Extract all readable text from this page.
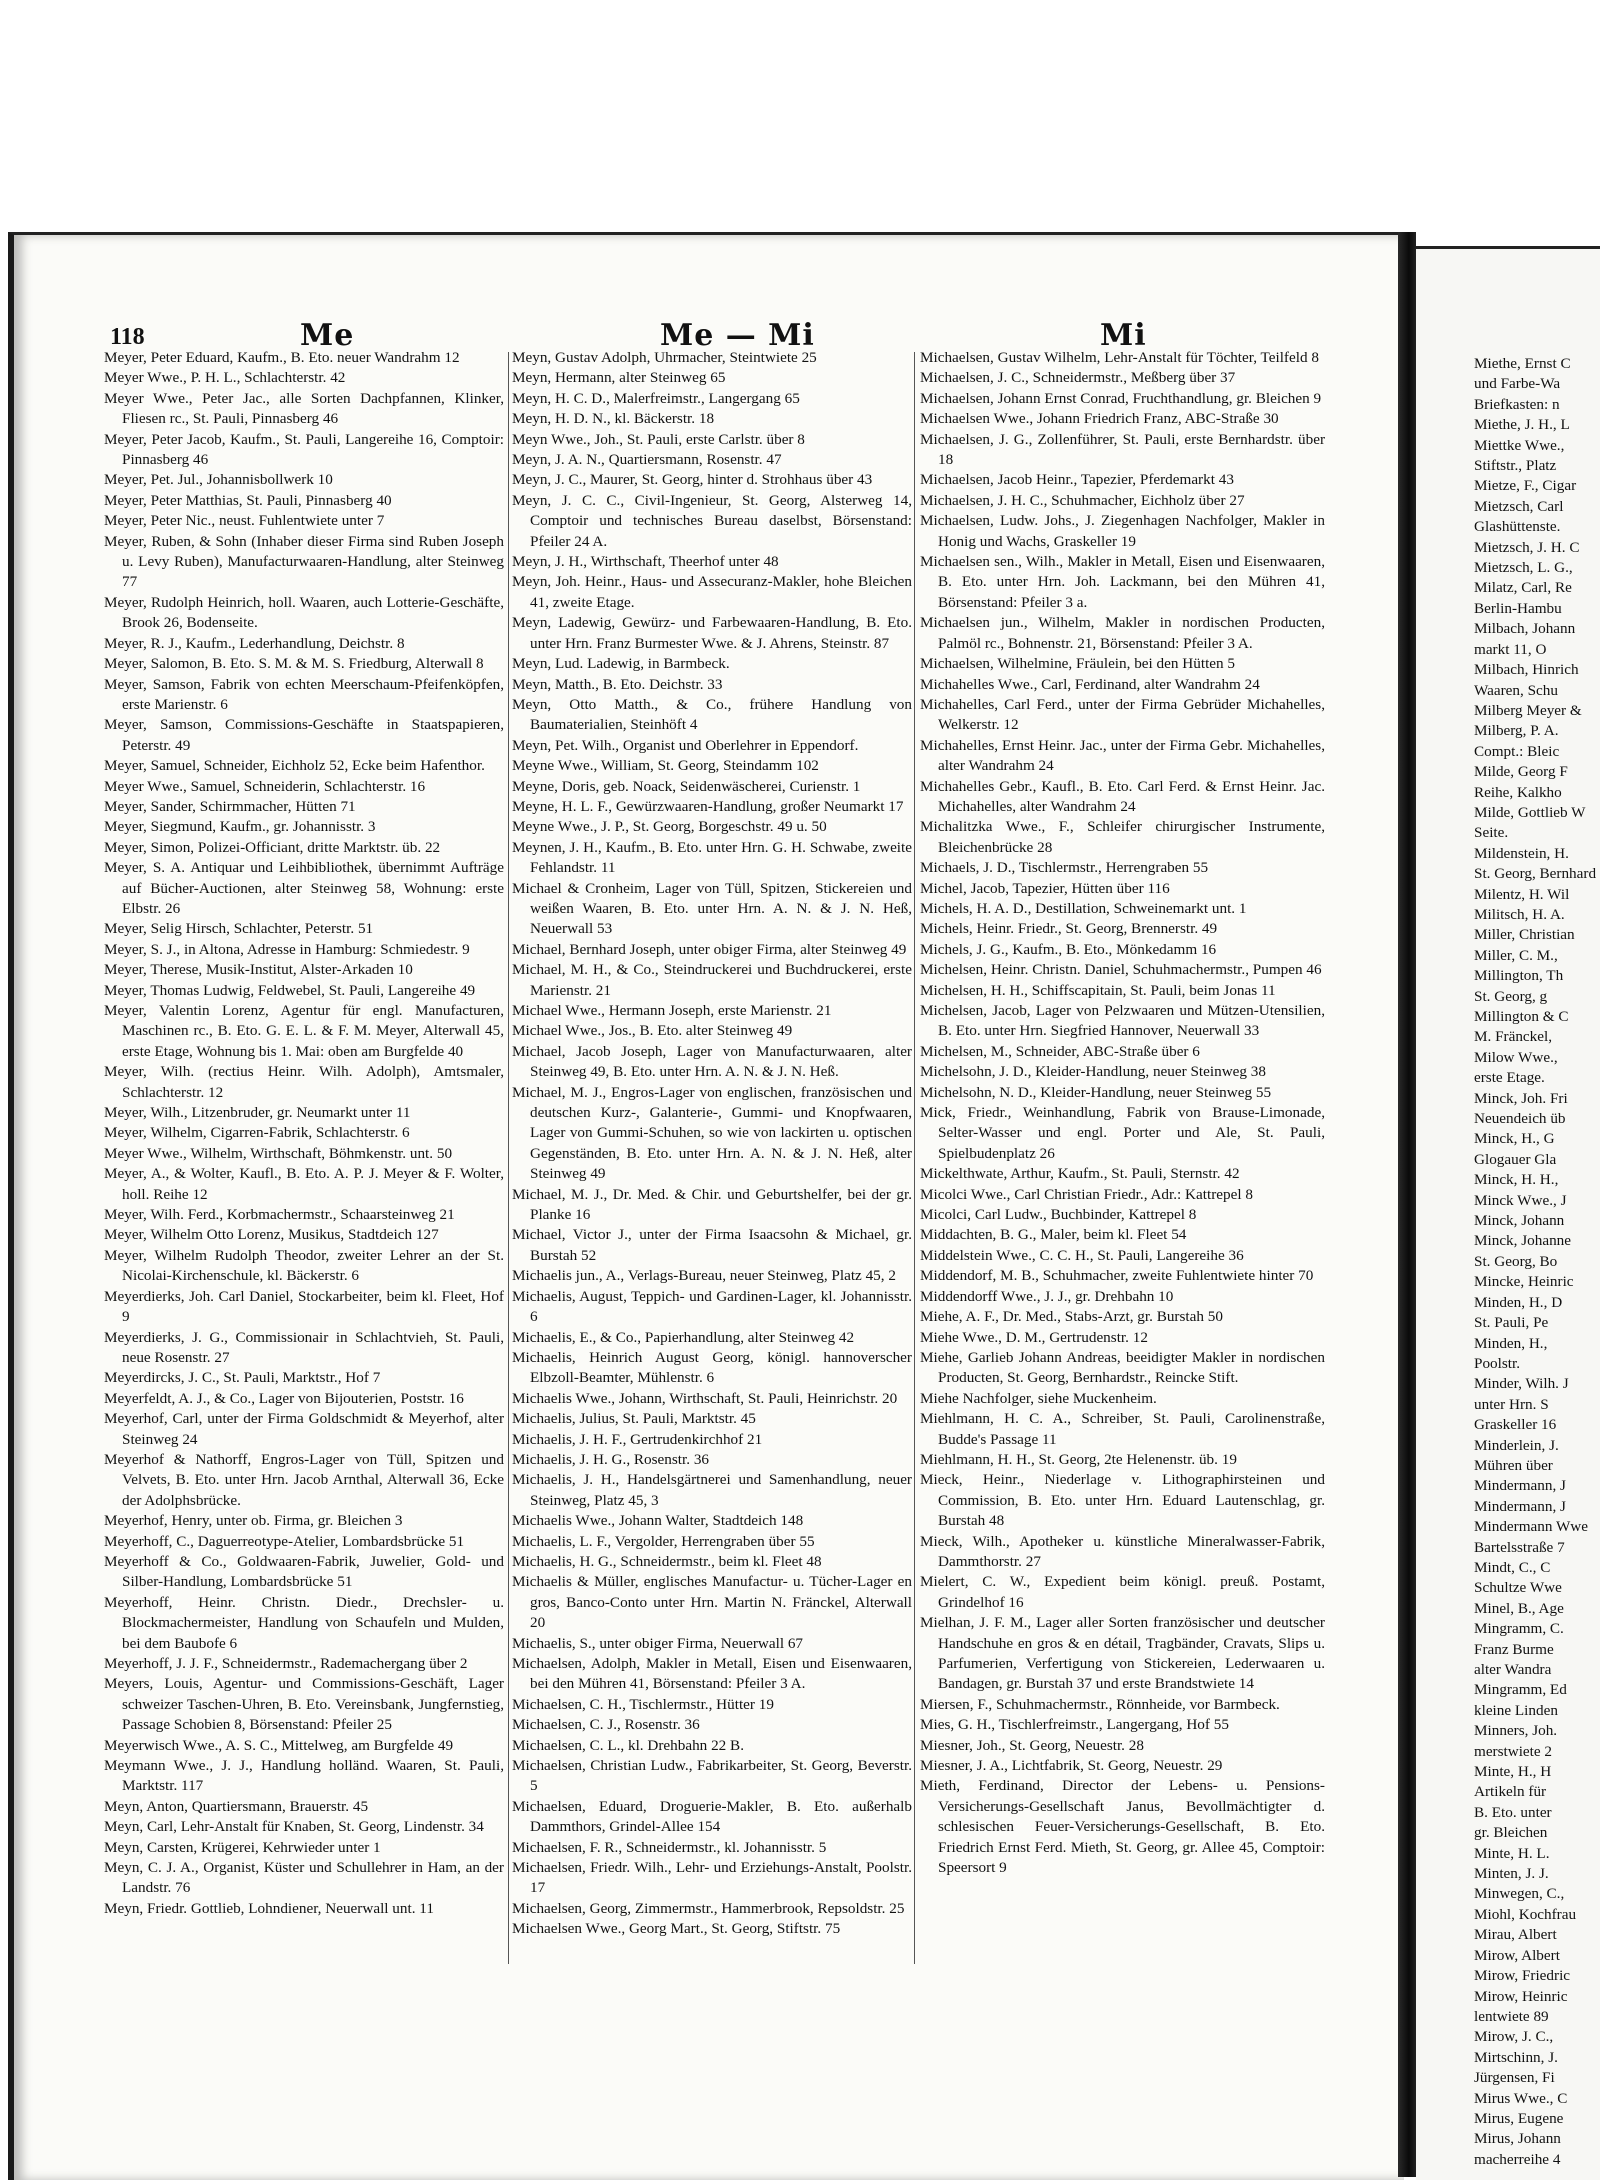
Miethe, Ernst C

und Farbe-Wa

Briefkasten: n

Miethe, J. H., L

Miettke Wwe.,

Stiftstr., Platz

Mietze, F., Cigar

Mietzsch, Carl

Glashüttenste.

Mietzsch, J. H. C

Mietzsch, L. G.,

Milatz, Carl, Re

Berlin-Hambu

Milbach, Johann

markt 11, O

Milbach, Hinrich

Waaren, Schu

Milberg Meyer &

Milberg, P. A.

Compt.: Bleic

Milde, Georg F

Reihe, Kalkho

Milde, Gottlieb W

Seite.

Mildenstein, H.

St. Georg, Bernhard

Milentz, H. Wil

Militsch, H. A.

Miller, Christian

Miller, C. M.,

Millington, Th

St. Georg, g

Millington & C

M. Fränckel,

Milow Wwe.,

erste Etage.

Minck, Joh. Fri

Neuendeich üb

Minck, H., G

Glogauer Gla

Minck, H. H.,

Minck Wwe., J

Minck, Johann

Minck, Johanne

St. Georg, Bo

Mincke, Heinric

Minden, H., D

St. Pauli, Pe

Minden, H.,

Poolstr.

Minder, Wilh. J

unter Hrn. S

Graskeller 16

Minderlein, J.

Mühren über

Mindermann, J

Mindermann, J

Mindermann Wwe

Bartelsstraße 7

Mindt, C., C

Schultze Wwe

Minel, B., Age

Mingramm, C.

Franz Burme

alter Wandra

Mingramm, Ed

kleine Linden

Minners, Joh.

merstwiete 2

Minte, H., H

Artikeln für

B. Eto. unter

gr. Bleichen

Minte, H. L.

Minten, J. J.

Minwegen, C.,

Miohl, Kochfrau

Mirau, Albert

Mirow, Albert

Mirow, Friedric

Mirow, Heinric

lentwiete 89

Mirow, J. C.,

Mirtschinn, J.

Jürgensen, Fi

Mirus Wwe., C

Mirus, Eugene

Mirus, Johann

macherreihe 4

118	Me	Me — Mi	Mi

Meyer, Peter Eduard, Kaufm., B. Eto. neuer Wandrahm 12

Meyer Wwe., P. H. L., Schlachterstr. 42

Meyer Wwe., Peter Jac., alle Sorten Dachpfannen, Klinker, Fliesen rc., St. Pauli, Pinnasberg 46

Meyer, Peter Jacob, Kaufm., St. Pauli, Langereihe 16, Comptoir: Pinnasberg 46

Meyer, Pet. Jul., Johannisbollwerk 10

Meyer, Peter Matthias, St. Pauli, Pinnasberg 40

Meyer, Peter Nic., neust. Fuhlentwiete unter 7

Meyer, Ruben, & Sohn (Inhaber dieser Firma sind Ruben Joseph u. Levy Ruben), Manufacturwaaren-Handlung, alter Steinweg 77

Meyer, Rudolph Heinrich, holl. Waaren, auch Lotterie-Geschäfte, Brook 26, Bodenseite.

Meyer, R. J., Kaufm., Lederhandlung, Deichstr. 8

Meyer, Salomon, B. Eto. S. M. & M. S. Friedburg, Alterwall 8

Meyer, Samson, Fabrik von echten Meerschaum-Pfeifenköpfen, erste Marienstr. 6

Meyer, Samson, Commissions-Geschäfte in Staatspapieren, Peterstr. 49

Meyer, Samuel, Schneider, Eichholz 52, Ecke beim Hafenthor.

Meyer Wwe., Samuel, Schneiderin, Schlachterstr. 16

Meyer, Sander, Schirmmacher, Hütten 71

Meyer, Siegmund, Kaufm., gr. Johannisstr. 3

Meyer, Simon, Polizei-Officiant, dritte Marktstr. üb. 22

Meyer, S. A. Antiquar und Leihbibliothek, übernimmt Aufträge auf Bücher-Auctionen, alter Steinweg 58, Wohnung: erste Elbstr. 26

Meyer, Selig Hirsch, Schlachter, Peterstr. 51

Meyer, S. J., in Altona, Adresse in Hamburg: Schmiedestr. 9

Meyer, Therese, Musik-Institut, Alster-Arkaden 10

Meyer, Thomas Ludwig, Feldwebel, St. Pauli, Langereihe 49

Meyer, Valentin Lorenz, Agentur für engl. Manufacturen, Maschinen rc., B. Eto. G. E. L. & F. M. Meyer, Alterwall 45, erste Etage, Wohnung bis 1. Mai: oben am Burgfelde 40

Meyer, Wilh. (rectius Heinr. Wilh. Adolph), Amtsmaler, Schlachterstr. 12

Meyer, Wilh., Litzenbruder, gr. Neumarkt unter 11

Meyer, Wilhelm, Cigarren-Fabrik, Schlachterstr. 6

Meyer Wwe., Wilhelm, Wirthschaft, Böhmkenstr. unt. 50

Meyer, A., & Wolter, Kaufl., B. Eto. A. P. J. Meyer & F. Wolter, holl. Reihe 12

Meyer, Wilh. Ferd., Korbmachermstr., Schaarsteinweg 21

Meyer, Wilhelm Otto Lorenz, Musikus, Stadtdeich 127

Meyer, Wilhelm Rudolph Theodor, zweiter Lehrer an der St. Nicolai-Kirchenschule, kl. Bäckerstr. 6

Meyerdierks, Joh. Carl Daniel, Stockarbeiter, beim kl. Fleet, Hof 9

Meyerdierks, J. G., Commissionair in Schlachtvieh, St. Pauli, neue Rosenstr. 27

Meyerdircks, J. C., St. Pauli, Marktstr., Hof 7

Meyerfeldt, A. J., & Co., Lager von Bijouterien, Poststr. 16

Meyerhof, Carl, unter der Firma Goldschmidt & Meyerhof, alter Steinweg 24

Meyerhof & Nathorff, Engros-Lager von Tüll, Spitzen und Velvets, B. Eto. unter Hrn. Jacob Arnthal, Alterwall 36, Ecke der Adolphsbrücke.

Meyerhof, Henry, unter ob. Firma, gr. Bleichen 3

Meyerhoff, C., Daguerreotype-Atelier, Lombardsbrücke 51

Meyerhoff & Co., Goldwaaren-Fabrik, Juwelier, Gold- und Silber-Handlung, Lombardsbrücke 51

Meyerhoff, Heinr. Christn. Diedr., Drechsler- u. Blockmachermeister, Handlung von Schaufeln und Mulden, bei dem Baubofe 6

Meyerhoff, J. J. F., Schneidermstr., Rademachergang über 2

Meyers, Louis, Agentur- und Commissions-Geschäft, Lager schweizer Taschen-Uhren, B. Eto. Vereinsbank, Jungfernstieg, Passage Schobien 8, Börsenstand: Pfeiler 25

Meyerwisch Wwe., A. S. C., Mittelweg, am Burgfelde 49

Meymann Wwe., J. J., Handlung holländ. Waaren, St. Pauli, Marktstr. 117

Meyn, Anton, Quartiersmann, Brauerstr. 45

Meyn, Carl, Lehr-Anstalt für Knaben, St. Georg, Lindenstr. 34

Meyn, Carsten, Krügerei, Kehrwieder unter 1

Meyn, C. J. A., Organist, Küster und Schullehrer in Ham, an der Landstr. 76

Meyn, Friedr. Gottlieb, Lohndiener, Neuerwall unt. 11

Meyn, Gustav Adolph, Uhrmacher, Steintwiete 25

Meyn, Hermann, alter Steinweg 65

Meyn, H. C. D., Malerfreimstr., Langergang 65

Meyn, H. D. N., kl. Bäckerstr. 18

Meyn Wwe., Joh., St. Pauli, erste Carlstr. über 8

Meyn, J. A. N., Quartiersmann, Rosenstr. 47

Meyn, J. C., Maurer, St. Georg, hinter d. Strohhaus über 43

Meyn, J. C. C., Civil-Ingenieur, St. Georg, Alsterweg 14, Comptoir und technisches Bureau daselbst, Börsenstand: Pfeiler 24 A.

Meyn, J. H., Wirthschaft, Theerhof unter 48

Meyn, Joh. Heinr., Haus- und Assecuranz-Makler, hohe Bleichen 41, zweite Etage.

Meyn, Ladewig, Gewürz- und Farbewaaren-Handlung, B. Eto. unter Hrn. Franz Burmester Wwe. & J. Ahrens, Steinstr. 87

Meyn, Lud. Ladewig, in Barmbeck.

Meyn, Matth., B. Eto. Deichstr. 33

Meyn, Otto Matth., & Co., frühere Handlung von Baumaterialien, Steinhöft 4

Meyn, Pet. Wilh., Organist und Oberlehrer in Eppendorf.

Meyne Wwe., William, St. Georg, Steindamm 102

Meyne, Doris, geb. Noack, Seidenwäscherei, Curienstr. 1

Meyne, H. L. F., Gewürzwaaren-Handlung, großer Neumarkt 17

Meyne Wwe., J. P., St. Georg, Borgeschstr. 49 u. 50

Meynen, J. H., Kaufm., B. Eto. unter Hrn. G. H. Schwabe, zweite Fehlandstr. 11

Michael & Cronheim, Lager von Tüll, Spitzen, Stickereien und weißen Waaren, B. Eto. unter Hrn. A. N. & J. N. Heß, Neuerwall 53

Michael, Bernhard Joseph, unter obiger Firma, alter Steinweg 49

Michael, M. H., & Co., Steindruckerei und Buchdruckerei, erste Marienstr. 21

Michael Wwe., Hermann Joseph, erste Marienstr. 21

Michael Wwe., Jos., B. Eto. alter Steinweg 49

Michael, Jacob Joseph, Lager von Manufacturwaaren, alter Steinweg 49, B. Eto. unter Hrn. A. N. & J. N. Heß.

Michael, M. J., Engros-Lager von englischen, französischen und deutschen Kurz-, Galanterie-, Gummi- und Knopfwaaren, Lager von Gummi-Schuhen, so wie von lackirten u. optischen Gegenständen, B. Eto. unter Hrn. A. N. & J. N. Heß, alter Steinweg 49

Michael, M. J., Dr. Med. & Chir. und Geburtshelfer, bei der gr. Planke 16

Michael, Victor J., unter der Firma Isaacsohn & Michael, gr. Burstah 52

Michaelis jun., A., Verlags-Bureau, neuer Steinweg, Platz 45, 2

Michaelis, August, Teppich- und Gardinen-Lager, kl. Johannisstr. 6

Michaelis, E., & Co., Papierhandlung, alter Steinweg 42

Michaelis, Heinrich August Georg, königl. hannoverscher Elbzoll-Beamter, Mühlenstr. 6

Michaelis Wwe., Johann, Wirthschaft, St. Pauli, Heinrichstr. 20

Michaelis, Julius, St. Pauli, Marktstr. 45

Michaelis, J. H. F., Gertrudenkirchhof 21

Michaelis, J. H. G., Rosenstr. 36

Michaelis, J. H., Handelsgärtnerei und Samenhandlung, neuer Steinweg, Platz 45, 3

Michaelis Wwe., Johann Walter, Stadtdeich 148

Michaelis, L. F., Vergolder, Herrengraben über 55

Michaelis, H. G., Schneidermstr., beim kl. Fleet 48

Michaelis & Müller, englisches Manufactur- u. Tücher-Lager en gros, Banco-Conto unter Hrn. Martin N. Fränckel, Alterwall 20

Michaelis, S., unter obiger Firma, Neuerwall 67

Michaelsen, Adolph, Makler in Metall, Eisen und Eisenwaaren, bei den Mühren 41, Börsenstand: Pfeiler 3 A.

Michaelsen, C. H., Tischlermstr., Hütter 19

Michaelsen, C. J., Rosenstr. 36

Michaelsen, C. L., kl. Drehbahn 22 B.

Michaelsen, Christian Ludw., Fabrikarbeiter, St. Georg, Beverstr. 5

Michaelsen, Eduard, Droguerie-Makler, B. Eto. außerhalb Dammthors, Grindel-Allee 154

Michaelsen, F. R., Schneidermstr., kl. Johannisstr. 5

Michaelsen, Friedr. Wilh., Lehr- und Erziehungs-Anstalt, Poolstr. 17

Michaelsen, Georg, Zimmermstr., Hammerbrook, Repsoldstr. 25

Michaelsen Wwe., Georg Mart., St. Georg, Stiftstr. 75

Michaelsen, Gustav Wilhelm, Lehr-Anstalt für Töchter, Teilfeld 8

Michaelsen, J. C., Schneidermstr., Meßberg über 37

Michaelsen, Johann Ernst Conrad, Fruchthandlung, gr. Bleichen 9

Michaelsen Wwe., Johann Friedrich Franz, ABC-Straße 30

Michaelsen, J. G., Zollenführer, St. Pauli, erste Bernhardstr. über 18

Michaelsen, Jacob Heinr., Tapezier, Pferdemarkt 43

Michaelsen, J. H. C., Schuhmacher, Eichholz über 27

Michaelsen, Ludw. Johs., J. Ziegenhagen Nachfolger, Makler in Honig und Wachs, Graskeller 19

Michaelsen sen., Wilh., Makler in Metall, Eisen und Eisenwaaren, B. Eto. unter Hrn. Joh. Lackmann, bei den Mühren 41, Börsenstand: Pfeiler 3 a.

Michaelsen jun., Wilhelm, Makler in nordischen Producten, Palmöl rc., Bohnenstr. 21, Börsenstand: Pfeiler 3 A.

Michaelsen, Wilhelmine, Fräulein, bei den Hütten 5

Michahelles Wwe., Carl, Ferdinand, alter Wandrahm 24

Michahelles, Carl Ferd., unter der Firma Gebrüder Michahelles, Welkerstr. 12

Michahelles, Ernst Heinr. Jac., unter der Firma Gebr. Michahelles, alter Wandrahm 24

Michahelles Gebr., Kaufl., B. Eto. Carl Ferd. & Ernst Heinr. Jac. Michahelles, alter Wandrahm 24

Michalitzka Wwe., F., Schleifer chirurgischer Instrumente, Bleichenbrücke 28

Michaels, J. D., Tischlermstr., Herrengraben 55

Michel, Jacob, Tapezier, Hütten über 116

Michels, H. A. D., Destillation, Schweinemarkt unt. 1

Michels, Heinr. Friedr., St. Georg, Brennerstr. 49

Michels, J. G., Kaufm., B. Eto., Mönkedamm 16

Michelsen, Heinr. Christn. Daniel, Schuhmachermstr., Pumpen 46

Michelsen, H. H., Schiffscapitain, St. Pauli, beim Jonas 11

Michelsen, Jacob, Lager von Pelzwaaren und Mützen-Utensilien, B. Eto. unter Hrn. Siegfried Hannover, Neuerwall 33

Michelsen, M., Schneider, ABC-Straße über 6

Michelsohn, J. D., Kleider-Handlung, neuer Steinweg 38

Michelsohn, N. D., Kleider-Handlung, neuer Steinweg 55

Mick, Friedr., Weinhandlung, Fabrik von Brause-Limonade, Selter-Wasser und engl. Porter und Ale, St. Pauli, Spielbudenplatz 26

Mickelthwate, Arthur, Kaufm., St. Pauli, Sternstr. 42

Micolci Wwe., Carl Christian Friedr., Adr.: Kattrepel 8

Micolci, Carl Ludw., Buchbinder, Kattrepel 8

Middachten, B. G., Maler, beim kl. Fleet 54

Middelstein Wwe., C. C. H., St. Pauli, Langereihe 36

Middendorf, M. B., Schuhmacher, zweite Fuhlentwiete hinter 70

Middendorff Wwe., J. J., gr. Drehbahn 10

Miehe, A. F., Dr. Med., Stabs-Arzt, gr. Burstah 50

Miehe Wwe., D. M., Gertrudenstr. 12

Miehe, Garlieb Johann Andreas, beeidigter Makler in nordischen Producten, St. Georg, Bernhardstr., Reincke Stift.

Miehe Nachfolger, siehe Muckenheim.

Miehlmann, H. C. A., Schreiber, St. Pauli, Carolinenstraße, Budde's Passage 11

Miehlmann, H. H., St. Georg, 2te Helenenstr. üb. 19

Mieck, Heinr., Niederlage v. Lithographirsteinen und Commission, B. Eto. unter Hrn. Eduard Lautenschlag, gr. Burstah 48

Mieck, Wilh., Apotheker u. künstliche Mineralwasser-Fabrik, Dammthorstr. 27

Mielert, C. W., Expedient beim königl. preuß. Postamt, Grindelhof 16

Mielhan, J. F. M., Lager aller Sorten französischer und deutscher Handschuhe en gros & en détail, Tragbänder, Cravats, Slips u. Parfumerien, Verfertigung von Stickereien, Lederwaaren u. Bandagen, gr. Burstah 37 und erste Brandstwiete 14

Miersen, F., Schuhmachermstr., Rönnheide, vor Barmbeck.

Mies, G. H., Tischlerfreimstr., Langergang, Hof 55

Miesner, Joh., St. Georg, Neuestr. 28

Miesner, J. A., Lichtfabrik, St. Georg, Neuestr. 29

Mieth, Ferdinand, Director der Lebens- u. Pensions-Versicherungs-Gesellschaft Janus, Bevollmächtigter d. schlesischen Feuer-Versicherungs-Gesellschaft, B. Eto. Friedrich Ernst Ferd. Mieth, St. Georg, gr. Allee 45, Comptoir: Speersort 9
